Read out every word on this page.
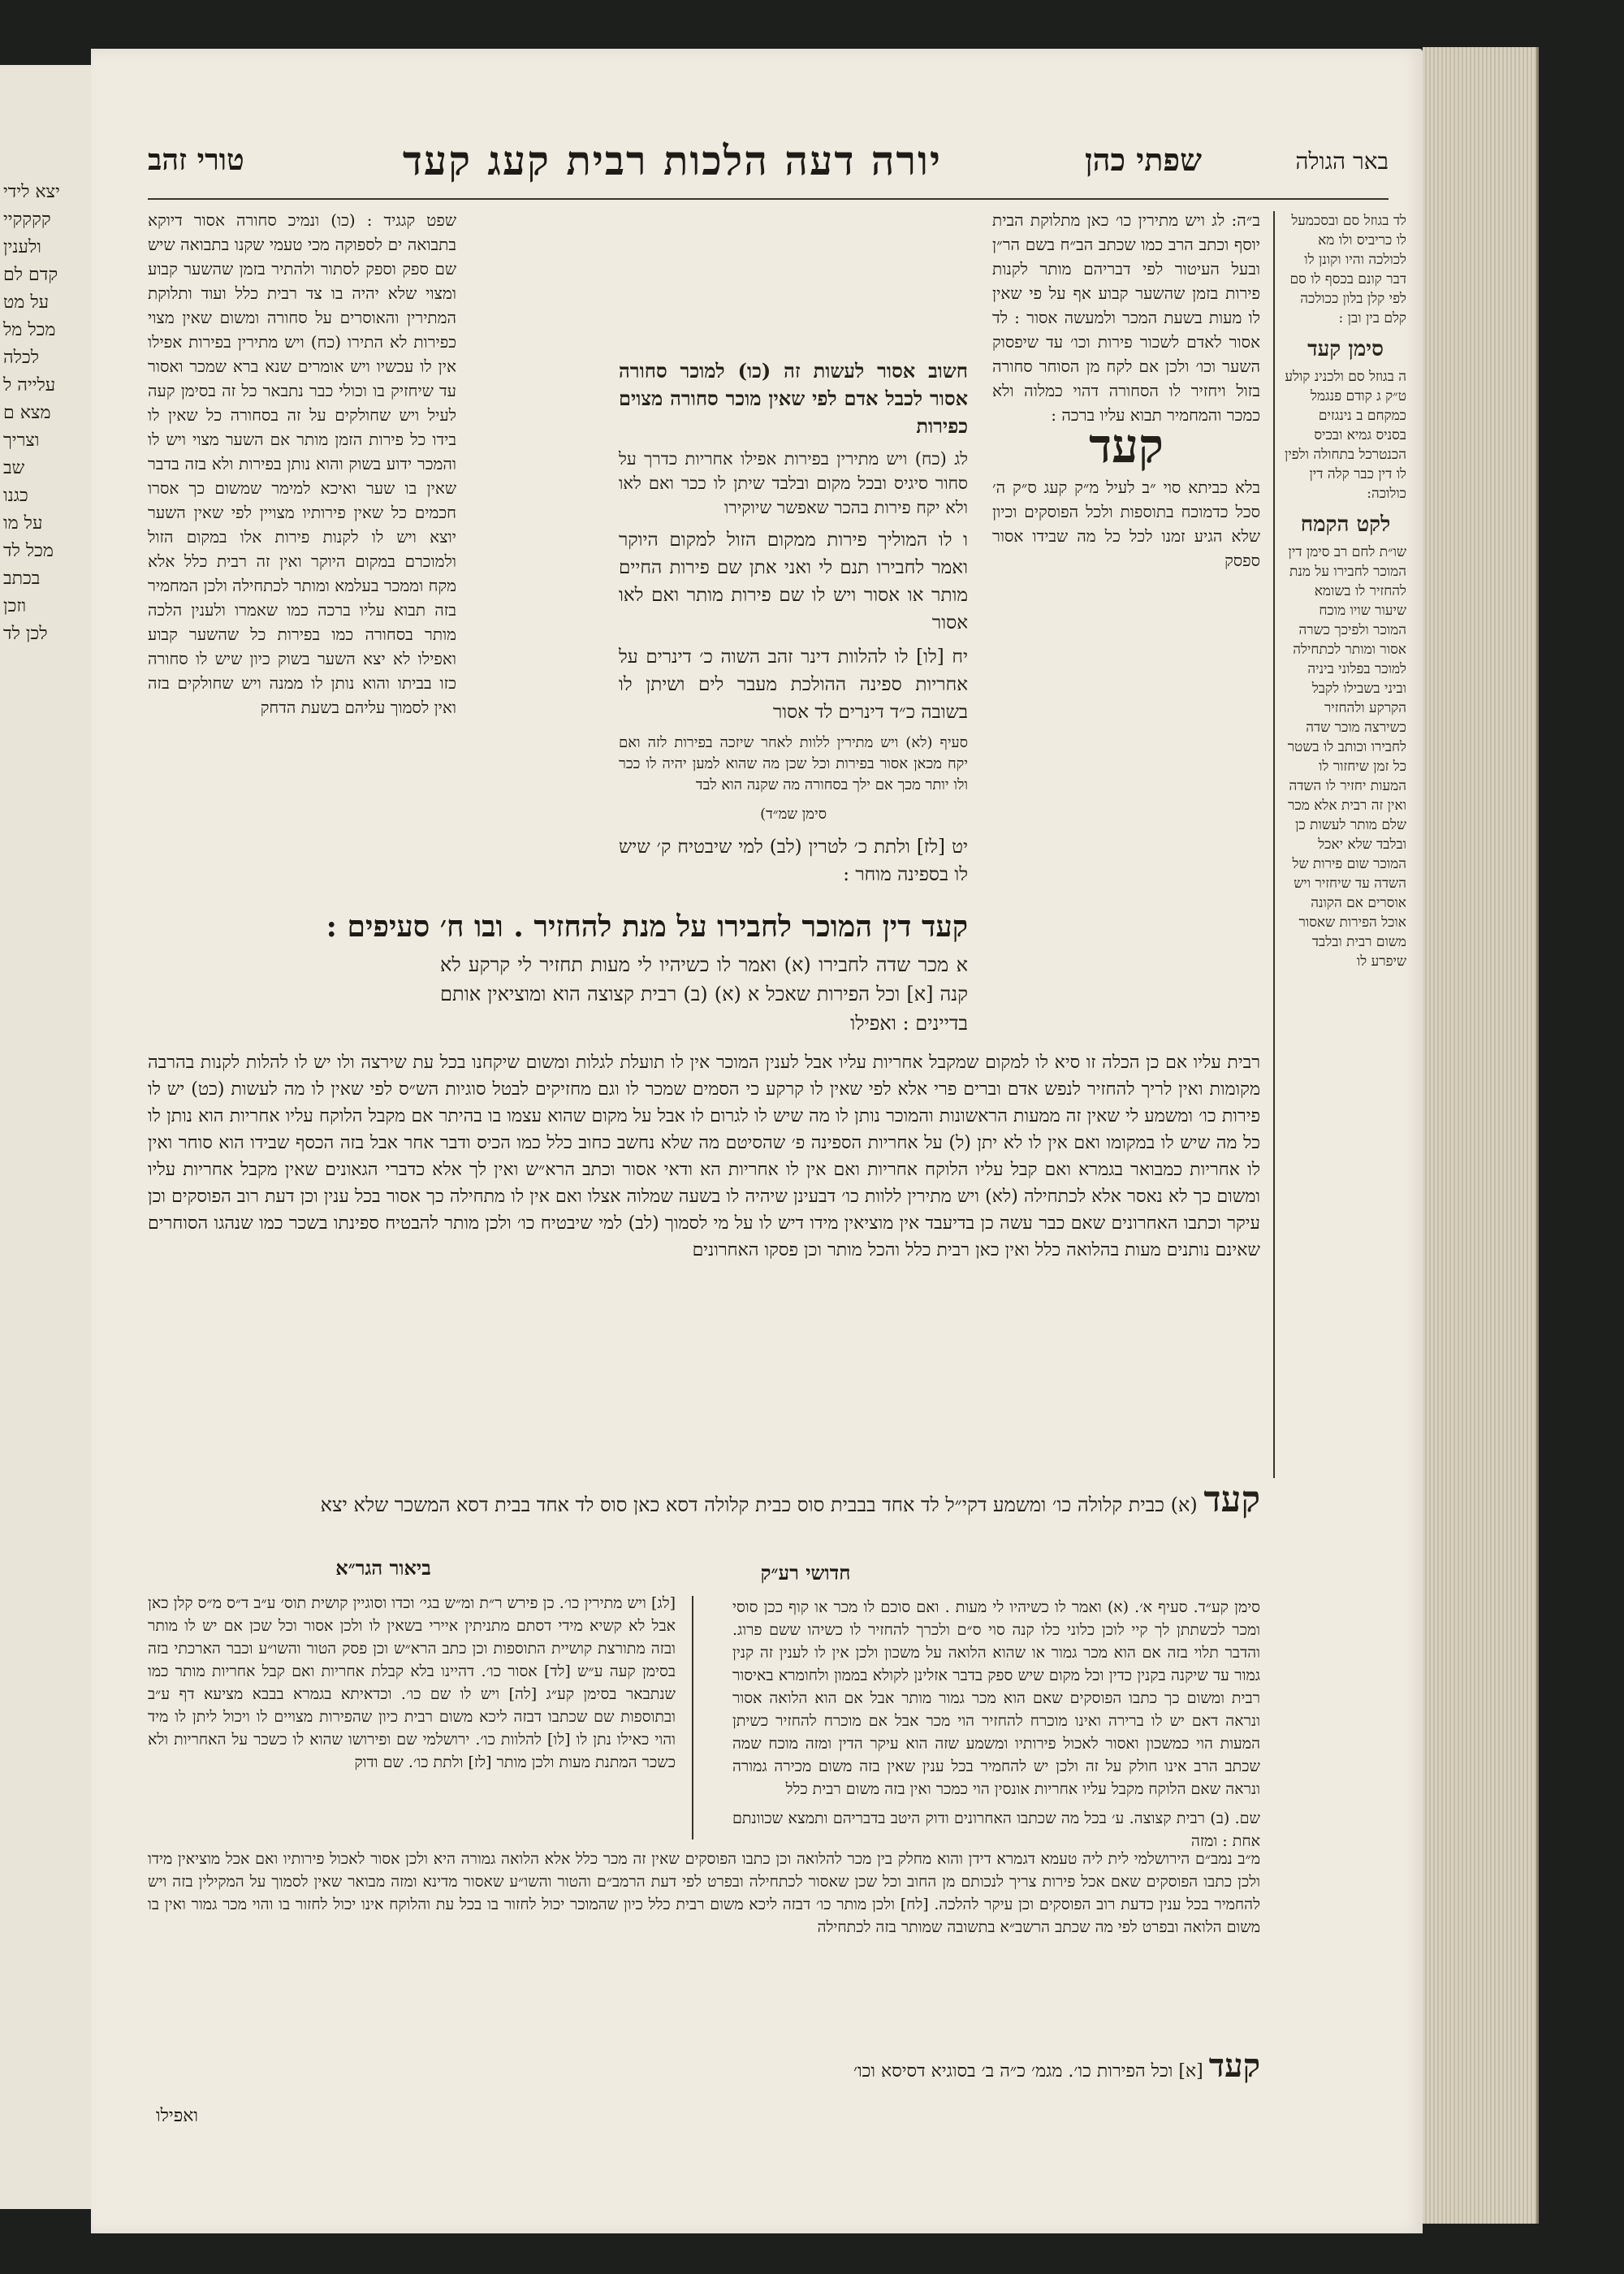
יצא לידי
קקקקיי
ולענין
קדם לם
על מט
מכל מל
לכלה
עלייה ל
מצא ם
וצריך
שב
כגנו
על מו
מכל לד
בכתב
וזכן
לכן לד
באר הגולה
שפתי כהן
יורה דעה הלכות רבית קעג קעד
טורי זהב
לד בגוזל סם ובסכמעל לו כריביס ולו מא לכולכה והיו וקונן לו דבר קונם בכסף לו סם לפי קלן בלון ככולכה קלם בין ובן :
סימן קעד
ה בגוזל סם ולכנינ קולע ט״ק ג קודם פנגמל כמקחם ב נינגזים בסניס גמיא ובכיס הכנטרכל בתחולה ולפין לו דין כבר קלה דין כולוכה:
לקט הקמח
שו״ת לחם רב סימן דין המוכר לחבירו על מנת להחזיר לו בשומא שיעור שויו מוכח המוכר ולפיכך כשרה אסור ומותר לכתחילה למוכר בפלוני ביניה וביני בשבילו לקבל הקרקע ולהחזיר כשירצה מוכר שדה לחבירו וכותב לו בשטר כל זמן שיחזור לו המעות יחזיר לו השדה ואין זה רבית אלא מכר שלם מותר לעשות כן ובלבד שלא יאכל המוכר שום פירות של השדה עד שיחזיר ויש אוסרים אם הקונה אוכל הפירות שאסור משום רבית ובלבד שיפרע לו

ב״ה: לג ויש מתירין כו׳ כאן מתלוקת הבית יוסף וכתב הרב כמו שכתב הב״ח בשם הר״ן ובעל העיטור לפי דבריהם מותר לקנות פירות בזמן שהשער קבוע אף על פי שאין לו מעות בשעת המכר ולמעשה אסור : לד אסור לאדם לשכור פירות וכו׳ עד שיפסוק השער וכו׳ ולכן אם לקח מן הסוחר סחורה בזול ויחזיר לו הסחורה דהוי כמלוה ולא כמכר והמחמיר תבוא עליו ברכה :

קעד

בלא כביתא סוי ״ב לעיל מ״ק קעג ס״ק ה׳ סכל כדמוכח בתוספות ולכל הפוסקים וכיון שלא הגיע זמנו לכל כל מה שבידו אסור ספסק

חשוב אסור לעשות זה (כו) למוכר סחורה אסור לכבל אדם לפי שאין מוכר סחורה מצוים כפירות

לג (כח) ויש מתירין בפירות אפילו אחריות כדרך על סחור סיגיס ובכל מקום ובלבד שיתן לו ככר ואם לאו ולא יקח פירות בהכר שאפשר שיוקירו

ו לו המוליך פירות ממקום הזול למקום היוקר ואמר לחבירו תנם לי ואני אתן שם פירות החיים מותר או אסור ויש לו שם פירות מותר ואם לאו אסור

יח [לו] לו להלוות דינר זהב השוה כ׳ דינרים על אחריות ספינה ההולכת מעבר לים ושיתן לו בשובה כ״ד דינרים לד אסור

סעיף (לא) ויש מתירין ללוות לאחר שיזכה בפירות לזה ואם יקח מכאן אסור בפירות וכל שכן מה שהוא למען יהיה לו ככר ולו יותר מכך אם ילך בסחורה מה שקנה הוא לבד

סימן שמ״ד)

יט [לז] ולתת כ׳ לטרין (לב) למי שיבטיח ק׳ שיש לו בספינה מוחר :

שפט קגגיד : (כו) ונמיכ סחורה אסור דיוקא בתבואה ים לספוקה מכי טעמי שקנו בתבואה שיש שם ספק וספק לסתור ולהתיר בזמן שהשער קבוע ומצוי שלא יהיה בו צד רבית כלל ועוד ותלוקת המתירין והאוסרים על סחורה ומשום שאין מצוי כפירות לא התירו (כח) ויש מתירין בפירות אפילו אין לו עכשיו ויש אומרים שנא ברא שמכר ואסור עד שיחזיק בו וכולי כבר נתבאר כל זה בסימן קעה לעיל ויש שחולקים על זה בסחורה כל שאין לו בידו כל פירות הזמן מותר אם השער מצוי ויש לו והמכר ידוע בשוק והוא נותן בפירות ולא בזה בדבר שאין בו שער ואיכא למימר שמשום כך אסרו חכמים כל שאין פירותיו מצויין לפי שאין השער יוצא ויש לו לקנות פירות אלו במקום הזול ולמוכרם במקום היוקר ואין זה רבית כלל אלא מקח וממכר בעלמא ומותר לכתחילה ולכן המחמיר בזה תבוא עליו ברכה כמו שאמרו ולענין הלכה מותר בסחורה כמו בפירות כל שהשער קבוע ואפילו לא יצא השער בשוק כיון שיש לו סחורה כזו בביתו והוא נותן לו ממנה ויש שחולקים בזה ואין לסמוך עליהם בשעת הדחק

קעד דין המוכר לחבירו על מנת להחזיר . ובו ח׳ סעיפים :

א מכר שדה לחבירו (א) ואמר לו כשיהיו לי מעות תחזיר לי קרקע לא קנה [א] וכל הפירות שאכל א (א) (ב) רבית קצוצה הוא ומוציאין אותם בדיינים : ואפילו

רבית עליו אם כן הכלה זו סיא לו למקום שמקבל אחריות עליו אבל לענין המוכר אין לו תועלת לגלות ומשום שיקחנו בכל עת שירצה ולו יש לו להלות לקנות בהרבה מקומות ואין לריך להחזיר לנפש אדם וברים פרי אלא לפי שאין לו קרקע כי הסמים שמכר לו וגם מחזיקים לבטל סוגיות הש״ס לפי שאין לו מה לעשות (כט) יש לו פירות כו׳ ומשמע לי שאין זה ממעות הראשונות והמוכר נותן לו מה שיש לו לגרום לו אבל על מקום שהוא עצמו בו בהיתר אם מקבל הלוקח עליו אחריות הוא נותן לו כל מה שיש לו במקומו ואם אין לו לא יתן (ל) על אחריות הספינה פ׳ שהסיטם מה שלא נחשב כחוב כלל כמו הכיס ודבר אחר אבל בזה הכסף שבידו הוא סוחר ואין לו אחריות כמבואר בגמרא ואם קבל עליו הלוקח אחריות ואם אין לו אחריות הא ודאי אסור וכתב הרא״ש ואין לך אלא כדברי הגאונים שאין מקבל אחריות עליו ומשום כך לא נאסר אלא לכתחילה (לא) ויש מתירין ללוות כו׳ דבעינן שיהיה לו בשעה שמלוה אצלו ואם אין לו מתחילה כך אסור בכל ענין וכן דעת רוב הפוסקים וכן עיקר וכתבו האחרונים שאם כבר עשה כן בדיעבד אין מוציאין מידו דיש לו על מי לסמוך (לב) למי שיבטיח כו׳ ולכן מותר להבטיח ספינתו בשכר כמו שנהגו הסוחרים שאינם נותנים מעות בהלואה כלל ואין כאן רבית כלל והכל מותר וכן פסקו האחרונים

קעד (א) כבית קלולה כו׳ ומשמע דקי״ל לד אחד בבבית סוס כבית קלולה דסא כאן סוס לד אחד בבית דסא המשכר שלא יצא

חדושי רע״ק
ביאור הגר״א

סימן קע״ד. סעיף א׳. (א) ואמר לו כשיהיו לי מעות . ואם סוכם לו מכר או קוף ככן סוסי ומכר לכשתתן לך קיי לוכן כלוני כלו קנה סוי ס״ם ולכרך להחזיר לו כשיהו ששם פרוג. והדבר תלוי בזה אם הוא מכר גמור או שהוא הלואה על משכון ולכן אין לו לענין זה קנין גמור עד שיקנה בקנין כדין וכל מקום שיש ספק בדבר אזלינן לקולא בממון ולחומרא באיסור רבית ומשום כך כתבו הפוסקים שאם הוא מכר גמור מותר אבל אם הוא הלואה אסור ונראה דאם יש לו ברירה ואינו מוכרח להחזיר הוי מכר אבל אם מוכרח להחזיר כשיתן המעות הוי כמשכון ואסור לאכול פירותיו ומשמע שזה הוא עיקר הדין ומזה מוכח שמה שכתב הרב אינו חולק על זה ולכן יש להחמיר בכל ענין שאין בזה משום מכירה גמורה ונראה שאם הלוקח מקבל עליו אחריות אונסין הוי כמכר ואין בזה משום רבית כלל

שם. (ב) רבית קצוצה. ע׳ בכל מה שכתבו האחרונים ודוק היטב בדבריהם ותמצא שכוונתם אחת : ומזה

[לג] ויש מתירין כו׳. כן פירש ר״ת ומ״ש בגי׳ וכדו וסוגיין קושית תוס׳ ע״ב ד״ס מ״ס קלן כאן אבל לא קשיא מידי דסתם מתניתין איירי בשאין לו ולכן אסור וכל שכן אם יש לו מותר ובזה מתורצת קושיית התוספות וכן כתב הרא״ש וכן פסק הטור והשו״ע וכבר הארכתי בזה בסימן קעה ע״ש [לד] אסור כו׳. דהיינו בלא קבלת אחריות ואם קבל אחריות מותר כמו שנתבאר בסימן קע״ג [לה] ויש לו שם כו׳. וכדאיתא בגמרא בבבא מציעא דף ע״ב ובתוספות שם שכתבו דבזה ליכא משום רבית כיון שהפירות מצויים לו ויכול ליתן לו מיד והוי כאילו נתן לו [לו] להלוות כו׳. ירושלמי שם ופירושו שהוא לו כשכר על האחריות ולא כשכר המתנת מעות ולכן מותר [לז] ולתת כו׳. שם ודוק

מ״ב נמב״ם הירושלמי לית ליה טעמא דגמרא דידן והוא מחלק בין מכר להלואה וכן כתבו הפוסקים שאין זה מכר כלל אלא הלואה גמורה היא ולכן אסור לאכול פירותיו ואם אכל מוציאין מידו ולכן כתבו הפוסקים שאם אכל פירות צריך לנכותם מן החוב וכל שכן שאסור לכתחילה ובפרט לפי דעת הרמב״ם והטור והשו״ע שאסור מדינא ומזה מבואר שאין לסמוך על המקילין בזה ויש להחמיר בכל ענין כדעת רוב הפוסקים וכן עיקר להלכה. [לח] ולכן מותר כו׳ דבזה ליכא משום רבית כלל כיון שהמוכר יכול לחזור בו בכל עת והלוקח אינו יכול לחזור בו והוי מכר גמור ואין בו משום הלואה ובפרט לפי מה שכתב הרשב״א בתשובה שמותר בזה לכתחילה

קעד [א] וכל הפירות כו׳. מגמ׳ כ״ה ב׳ בסוגיא דסיסא וכו׳

ואפילו
